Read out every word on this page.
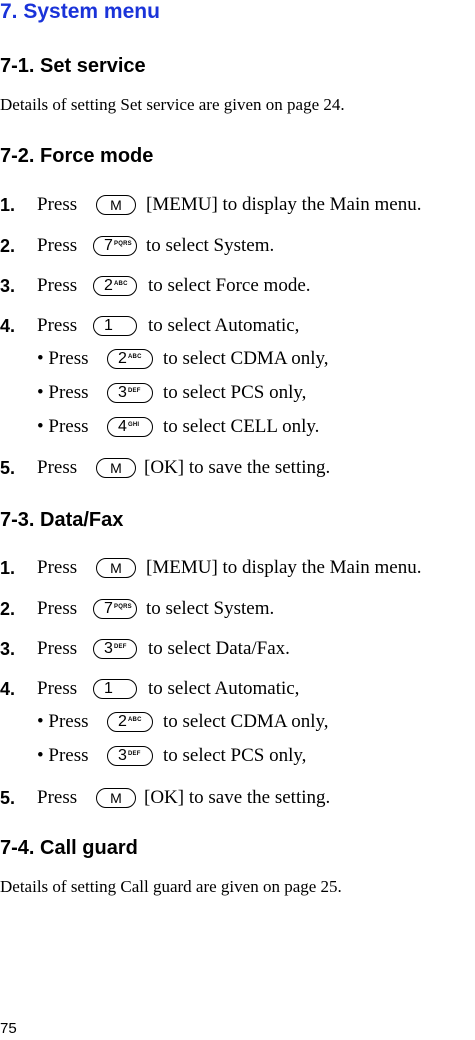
7. System menu
7-1. Set service
Details of setting Set service are given on page 24.
7-2. Force mode
1. Press	M	[MEMU] to display the Main menu.
2. Press 7 PQRS to select System.
3. Press 2 ABC to select Force mode.
4. Press 1 to select Automatic,
• Press 2 ABC to select CDMA only,
• Press 3 DEF to select PCS only,
• Press 4 GHI to select CELL only.
5. Press	M	[OK] to save the setting.
7-3. Data/Fax
1. Press	M	[MEMU] to display the Main menu.
2. Press 7 PQRS to select System.
3. Press 3 DEF to select Data/Fax.
4. Press 1 to select Automatic,
• Press 2 ABC to select CDMA only,
• Press 3 DEF to select PCS only,
5. Press	M	[OK] to save the setting.
7-4. Call guard
Details of setting Call guard are given on page 25.
75
